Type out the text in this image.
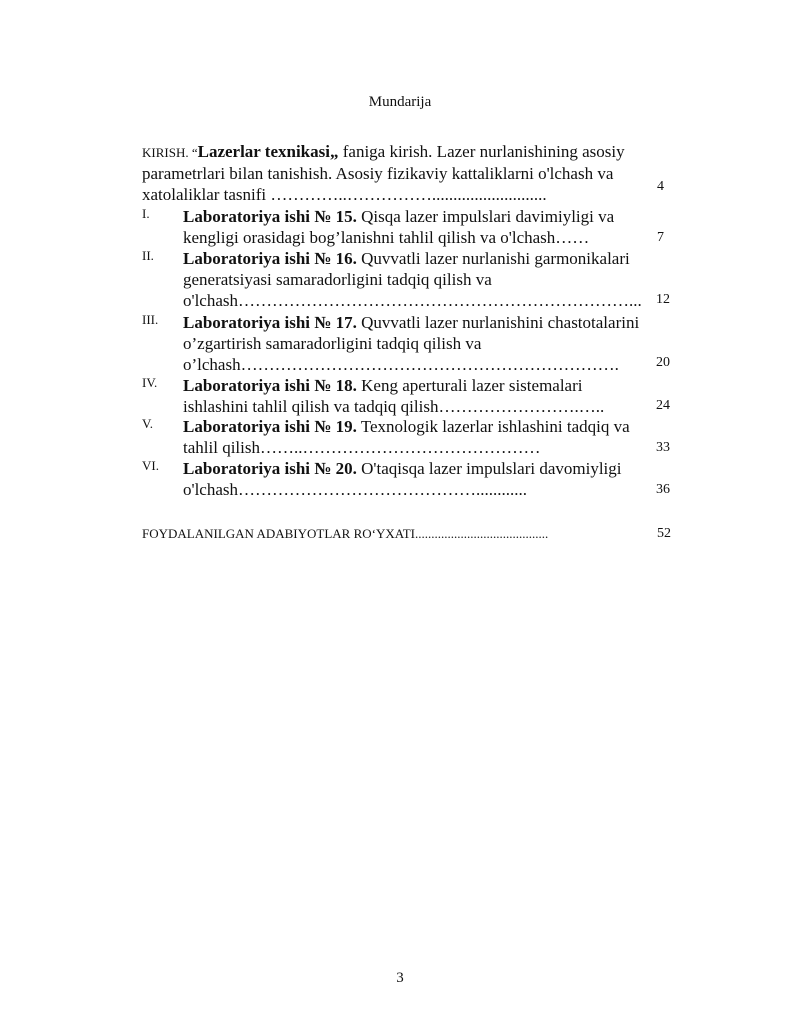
Mundarija
KIRISH. “Lazerlar texnikasi„ faniga kirish. Lazer nurlanishining asosiy parametrlari bilan tanishish. Asosiy fizikaviy kattaliklarni o'lchash va xatolaliklar tasnifi …………..……………...........................	4
I. Laboratoriya ishi № 15. Qisqa lazer impulslari davimiyligi va kengligi orasidagi bog’lanishni tahlil qilish va o'lchash……	7
II. Laboratoriya ishi № 16. Quvvatli lazer nurlanishi garmonikalari generatsiyasi samaradorligini tadqiq qilish va o'lchash……………………………………………………………...	12
III. Laboratoriya ishi № 17. Quvvatli lazer nurlanishini chastotalarini o’zgartirish samaradorligini tadqiq qilish va o’lchash………………………………………………………….	20
IV. Laboratoriya ishi № 18. Keng aperturali lazer sistemalari ishlashini tahlil qilish va tadqiq qilish…………………….…..	24
V. Laboratoriya ishi № 19. Texnologik lazerlar ishlashini tadqiq va tahlil qilish……..……………………………………	33
VI. Laboratoriya ishi № 20. O'taqisqa lazer impulslari davomiyligi o'lchash……………………………………............	36
FOYDALANILGAN ADABIYOTLAR RO‘YXATI.........................................	52
3
